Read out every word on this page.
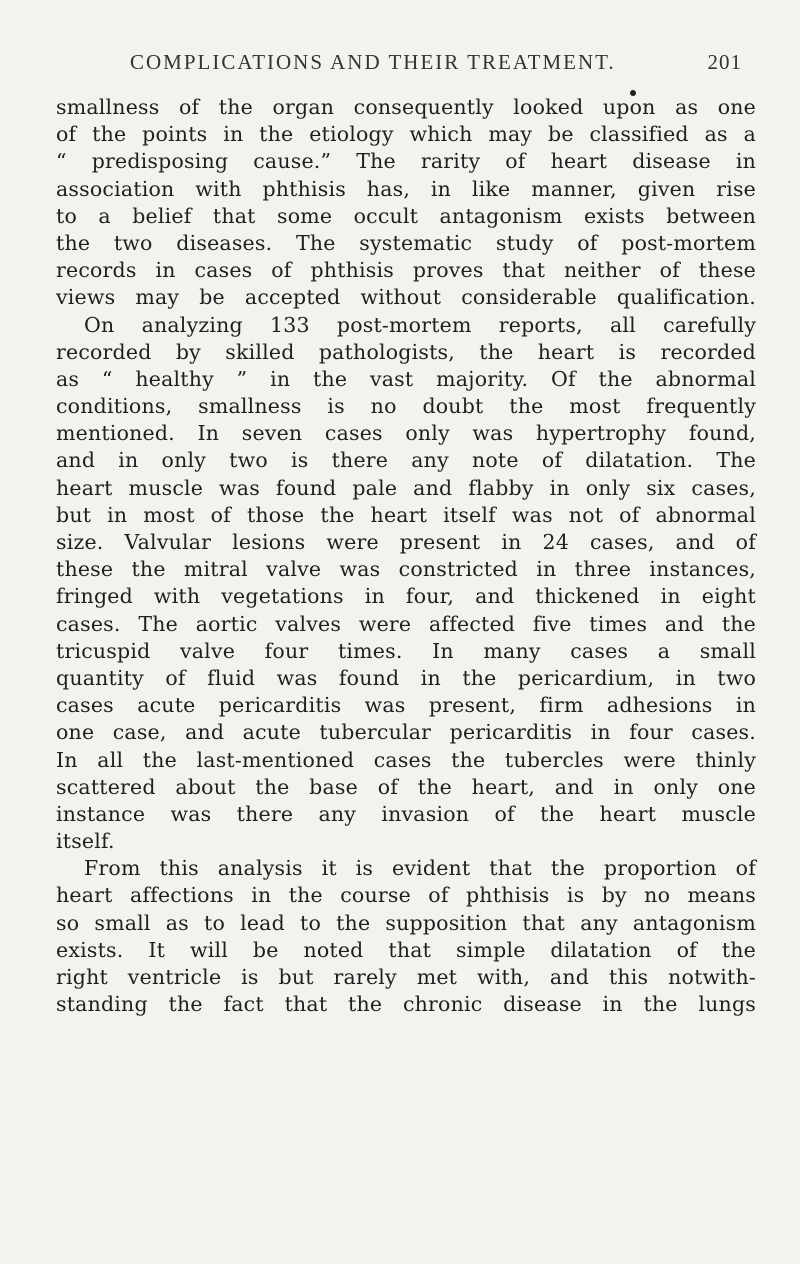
COMPLICATIONS AND THEIR TREATMENT.	201
smallness of the organ consequently looked upon as one
of the points in the etiology which may be classified as a
“ predisposing cause.” The rarity of heart disease in
association with phthisis has, in like manner, given rise
to a belief that some occult antagonism exists between
the two diseases. The systematic study of post-mortem
records in cases of phthisis proves that neither of these
views may be accepted without considerable qualification.
On analyzing 133 post-mortem reports, all carefully
recorded by skilled pathologists, the heart is recorded
as “ healthy ” in the vast majority. Of the abnormal
conditions, smallness is no doubt the most frequently
mentioned. In seven cases only was hypertrophy found,
and in only two is there any note of dilatation. The
heart muscle was found pale and flabby in only six cases,
but in most of those the heart itself was not of abnormal
size. Valvular lesions were present in 24 cases, and of
these the mitral valve was constricted in three instances,
fringed with vegetations in four, and thickened in eight
cases. The aortic valves were affected five times and the
tricuspid valve four times. In many cases a small
quantity of fluid was found in the pericardium, in two
cases acute pericarditis was present, firm adhesions in
one case, and acute tubercular pericarditis in four cases.
In all the last-mentioned cases the tubercles were thinly
scattered about the base of the heart, and in only one
instance was there any invasion of the heart muscle
itself.
From this analysis it is evident that the proportion of
heart affections in the course of phthisis is by no means
so small as to lead to the supposition that any antagonism
exists. It will be noted that simple dilatation of the
right ventricle is but rarely met with, and this notwith-
standing the fact that the chronic disease in the lungs
